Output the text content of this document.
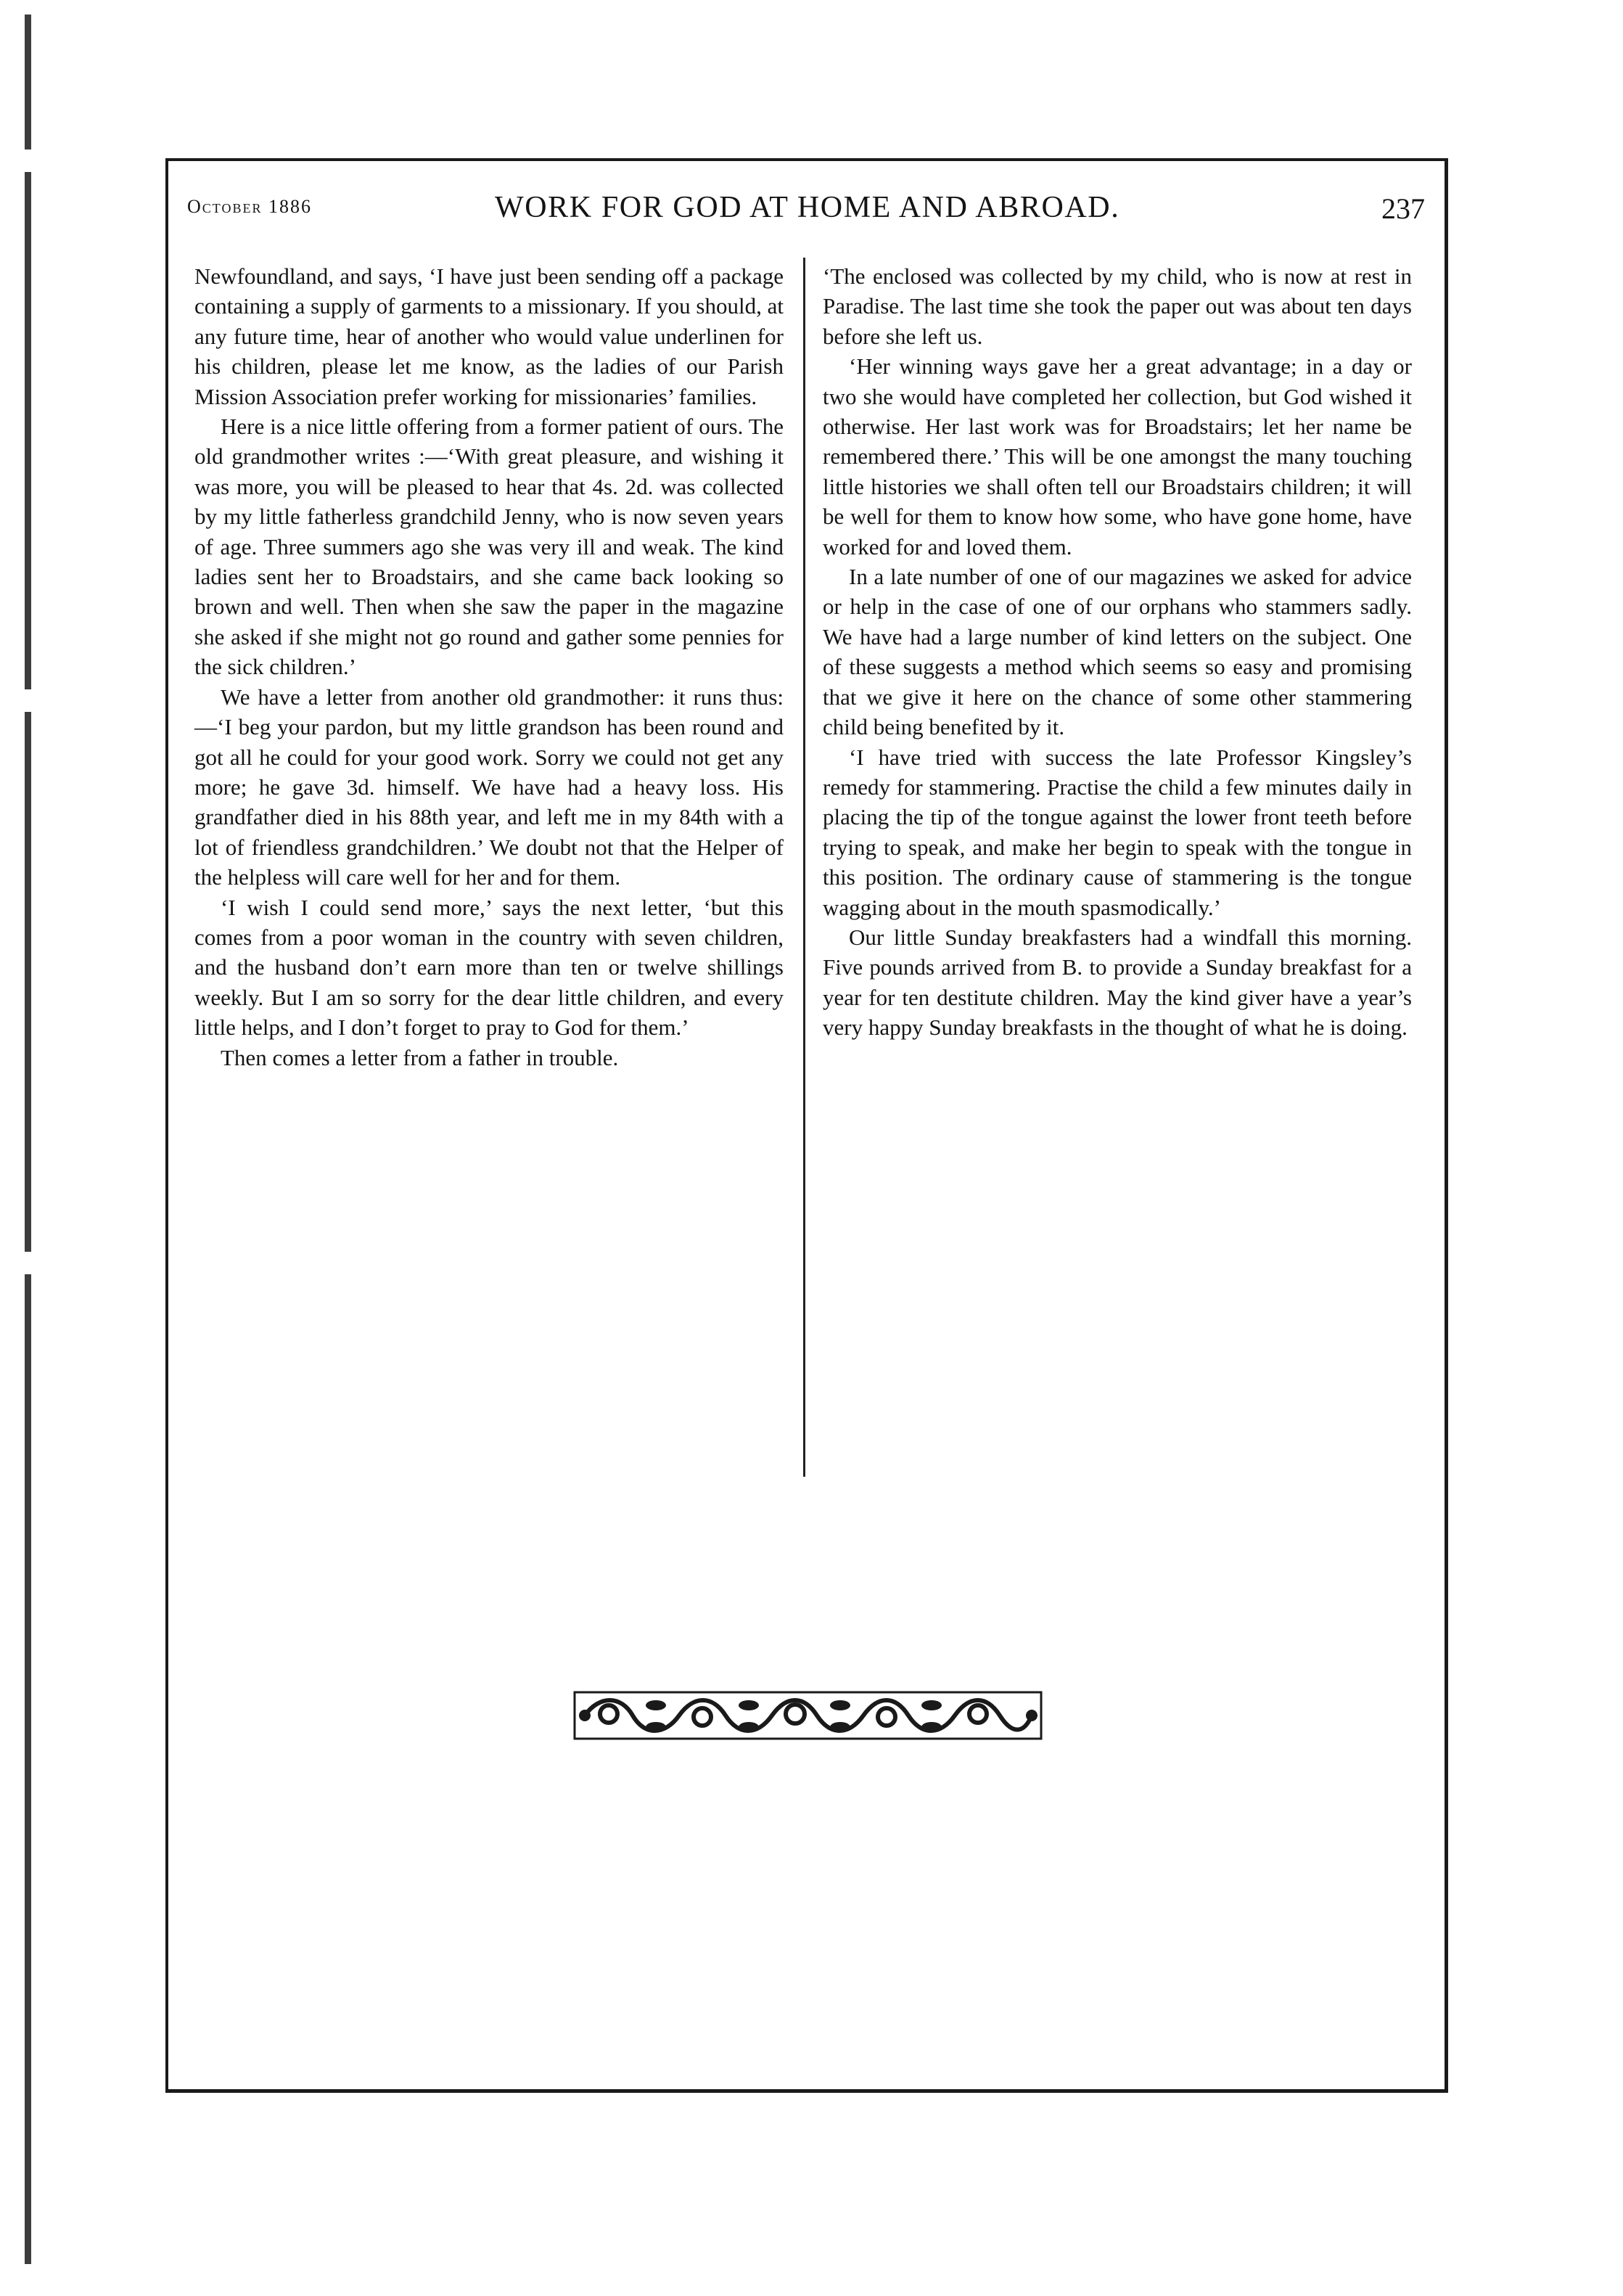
October 1886	WORK FOR GOD AT HOME AND ABROAD.	237

Newfoundland, and says, ‘I have just been sending off a package containing a supply of garments to a missionary. If you should, at any future time, hear of another who would value underlinen for his children, please let me know, as the ladies of our Parish Mission Association prefer working for missionaries’ families.

Here is a nice little offering from a former patient of ours. The old grandmother writes :—‘With great pleasure, and wishing it was more, you will be pleased to hear that 4s. 2d. was collected by my little fatherless grandchild Jenny, who is now seven years of age. Three summers ago she was very ill and weak. The kind ladies sent her to Broadstairs, and she came back looking so brown and well. Then when she saw the paper in the magazine she asked if she might not go round and gather some pennies for the sick children.’

We have a letter from another old grandmother: it runs thus:—‘I beg your pardon, but my little grandson has been round and got all he could for your good work. Sorry we could not get any more; he gave 3d. himself. We have had a heavy loss. His grandfather died in his 88th year, and left me in my 84th with a lot of friendless grandchildren.’ We doubt not that the Helper of the helpless will care well for her and for them.

‘I wish I could send more,’ says the next letter, ‘but this comes from a poor woman in the country with seven children, and the husband don’t earn more than ten or twelve shillings weekly. But I am so sorry for the dear little children, and every little helps, and I don’t forget to pray to God for them.’

Then comes a letter from a father in trouble.

‘The enclosed was collected by my child, who is now at rest in Paradise. The last time she took the paper out was about ten days before she left us.

‘Her winning ways gave her a great advantage; in a day or two she would have completed her collection, but God wished it otherwise. Her last work was for Broadstairs; let her name be remembered there.’ This will be one amongst the many touching little histories we shall often tell our Broadstairs children; it will be well for them to know how some, who have gone home, have worked for and loved them.

In a late number of one of our magazines we asked for advice or help in the case of one of our orphans who stammers sadly. We have had a large number of kind letters on the subject. One of these suggests a method which seems so easy and promising that we give it here on the chance of some other stammering child being benefited by it.

‘I have tried with success the late Professor Kingsley’s remedy for stammering. Practise the child a few minutes daily in placing the tip of the tongue against the lower front teeth before trying to speak, and make her begin to speak with the tongue in this position. The ordinary cause of stammering is the tongue wagging about in the mouth spasmodically.’

Our little Sunday breakfasters had a windfall this morning. Five pounds arrived from B. to provide a Sunday breakfast for a year for ten destitute children. May the kind giver have a year’s very happy Sunday breakfasts in the thought of what he is doing.
